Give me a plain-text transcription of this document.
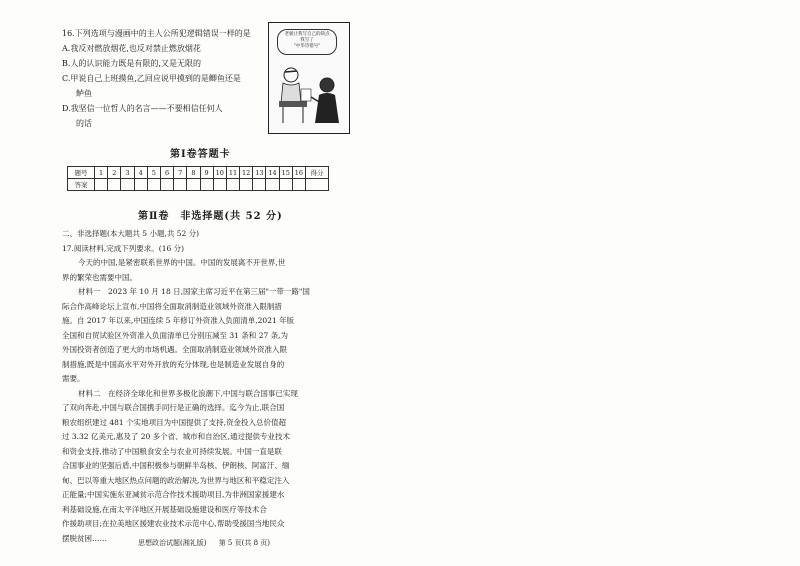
16.下列选项与漫画中的主人公所犯逻辑错误一样的是

A.我反对燃放烟花,也反对禁止燃放烟花

B.人的认识能力既是有限的,又是无限的

C.甲说自己上班摸鱼,乙回应说甲摸到的是鲫鱼还是
鲈鱼

D.我坚信一位哲人的名言——不要相信任何人
的话

老板让我写自己的缺点
我写了
"中华诗错号"
第Ⅰ卷答题卡
题号	1	2	3	4	5	6	7	8	9	10	11	12	13	14	15	16	得分
答案																	
第Ⅱ卷　非选择题(共 52 分)

二、非选择题(本大题共 5 小题,共 52 分)

17.阅读材料,完成下列要求。(16 分)

今天的中国,是紧密联系世界的中国。中国的发展离不开世界,世

界的繁荣也需要中国。

材料一　2023 年 10 月 18 日,国家主席习近平在第三届"一带一路"国

际合作高峰论坛上宣布,中国将全面取消制造业领域外资准入限制措

施。自 2017 年以来,中国连续 5 年修订外资准入负面清单,2021 年版

全国和自贸试验区外资准入负面清单已分别压减至 31 条和 27 条,为

外国投资者创造了更大的市场机遇。全面取消制造业领域外资准入限

制措施,既是中国高水平对外开放的充分体现,也是制造业发展自身的

需要。

材料二　在经济全球化和世界多极化浪潮下,中国与联合国事已实现

了双向奔赴,中国与联合国携手同行是正确的选择。迄今为止,联合国

粮农组织建过 481 个实地项目为中国提供了支持,资金投入总价值超

过 3.32 亿美元,惠及了 20 多个省、城市和自治区,通过提供专业技术

和资金支持,推动了中国粮食安全与农业可持续发展。中国一直是联

合国事业的坚强后盾,中国积极参与朝鲜半岛核、伊朗核、阿富汗、缅

甸、巴以等重大地区热点问题的政治解决,为世界与地区和平稳定注入

正能量;中国实施东亚减贫示范合作技术援助项目,为非洲国家援建水

利基础设施,在南太平洋地区开展基础设施建设和医疗等技术合

作援助项目;在拉美地区援建农业技术示范中心,帮助受援国当地民众

摆脱贫困……

思想政治试题(湘礼版) 第 5 页(共 8 页)
